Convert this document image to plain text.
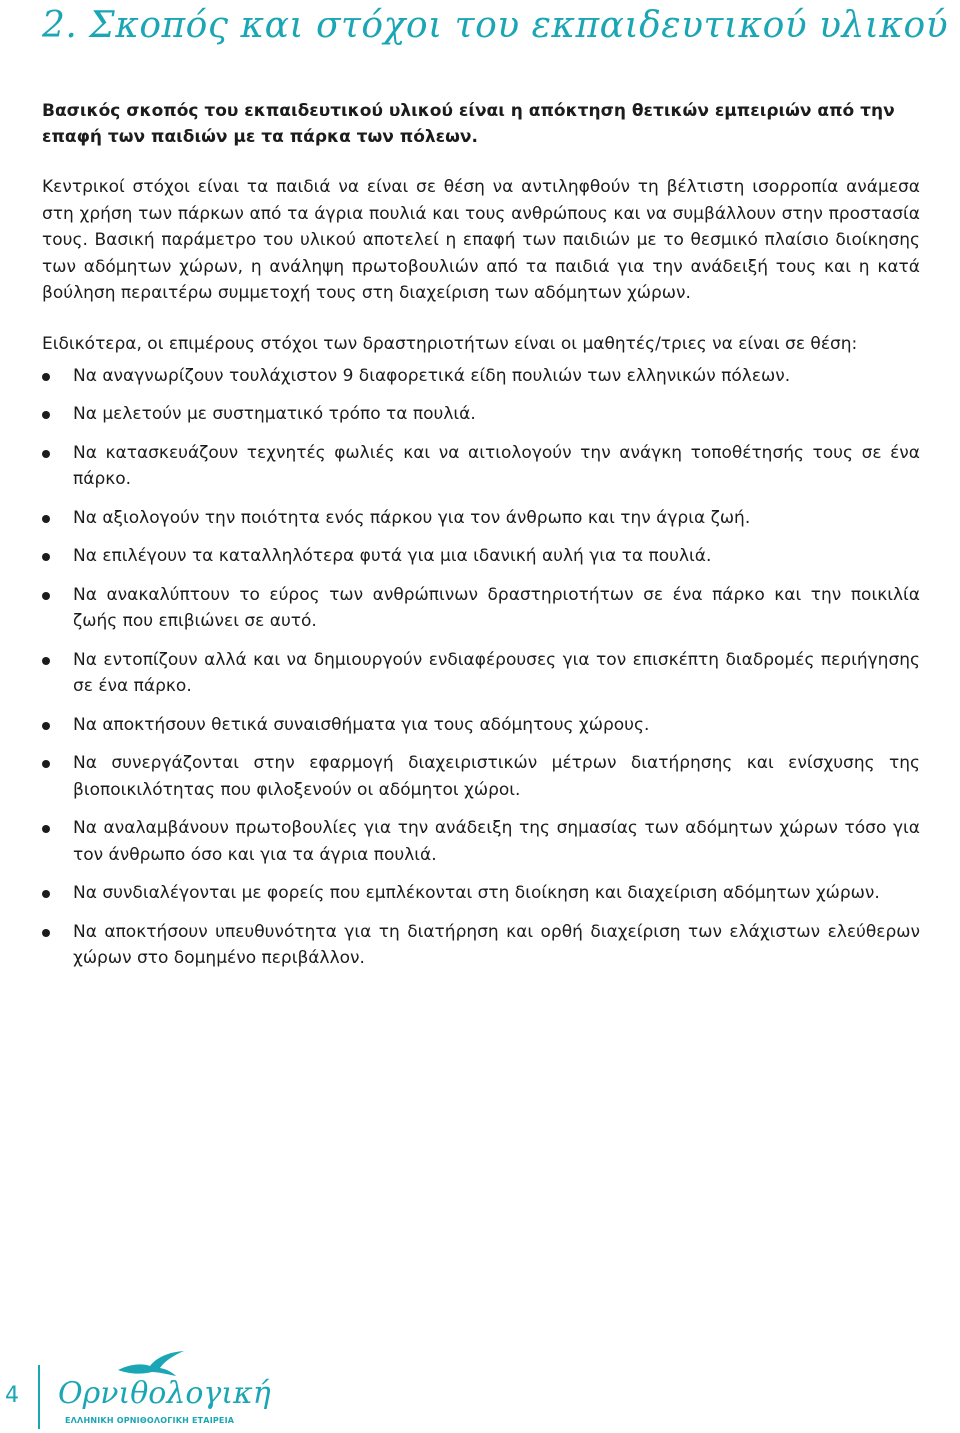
2. Σκοπός και στόχοι του εκπαιδευτικού υλικού

Βασικός σκοπός του εκπαιδευτικού υλικού είναι η απόκτηση θετικών εμπειριών από την επαφή των παιδιών με τα πάρκα των πόλεων.

Κεντρικοί στόχοι είναι τα παιδιά να είναι σε θέση να αντιληφθούν τη βέλτιστη ισορροπία ανάμεσα στη χρήση των πάρκων από τα άγρια πουλιά και τους ανθρώπους και να συμβάλλουν στην προστασία τους. Βασική παράμετρο του υλικού αποτελεί η επαφή των παιδιών με το θεσμικό πλαίσιο διοίκησης των αδόμητων χώρων, η ανάληψη πρωτοβουλιών από τα παιδιά για την ανάδειξή τους και η κατά βούληση περαιτέρω συμμετοχή τους στη διαχείριση των αδόμητων χώρων.

Ειδικότερα, οι επιμέρους στόχοι των δραστηριοτήτων είναι οι μαθητές/τριες να είναι σε θέση:

Να αναγνωρίζουν τουλάχιστον 9 διαφορετικά είδη πουλιών των ελληνικών πόλεων.
Να μελετούν με συστηματικό τρόπο τα πουλιά.
Να κατασκευάζουν τεχνητές φωλιές και να αιτιολογούν την ανάγκη τοποθέτησής τους σε ένα πάρκο.
Να αξιολογούν την ποιότητα ενός πάρκου για τον άνθρωπο και την άγρια ζωή.
Να επιλέγουν τα καταλληλότερα φυτά για μια ιδανική αυλή για τα πουλιά.
Να ανακαλύπτουν το εύρος των ανθρώπινων δραστηριοτήτων σε ένα πάρκο και την ποικιλία ζωής που επιβιώνει σε αυτό.
Να εντοπίζουν αλλά και να δημιουργούν ενδιαφέρουσες για τον επισκέπτη διαδρομές περιήγησης σε ένα πάρκο.
Να αποκτήσουν θετικά συναισθήματα για τους αδόμητους χώρους.
Να συνεργάζονται στην εφαρμογή διαχειριστικών μέτρων διατήρησης και ενίσχυσης της βιοποικιλότητας που φιλοξενούν οι αδόμητοι χώροι.
Να αναλαμβάνουν πρωτοβουλίες για την ανάδειξη της σημασίας των αδόμητων χώρων τόσο για τον άνθρωπο όσο και για τα άγρια πουλιά.
Να συνδιαλέγονται με φορείς που εμπλέκονται στη διοίκηση και διαχείριση αδόμητων χώρων.
Να αποκτήσουν υπευθυνότητα για τη διατήρηση και ορθή διαχείριση των ελάχιστων ελεύθερων χώρων στο δομημένο περιβάλλον.
4 Ορνιθολογική
ΕΛΛΗΝΙΚΗ ΟΡΝΙΘΟΛΟΓΙΚΗ ΕΤΑΙΡΕΙΑ
